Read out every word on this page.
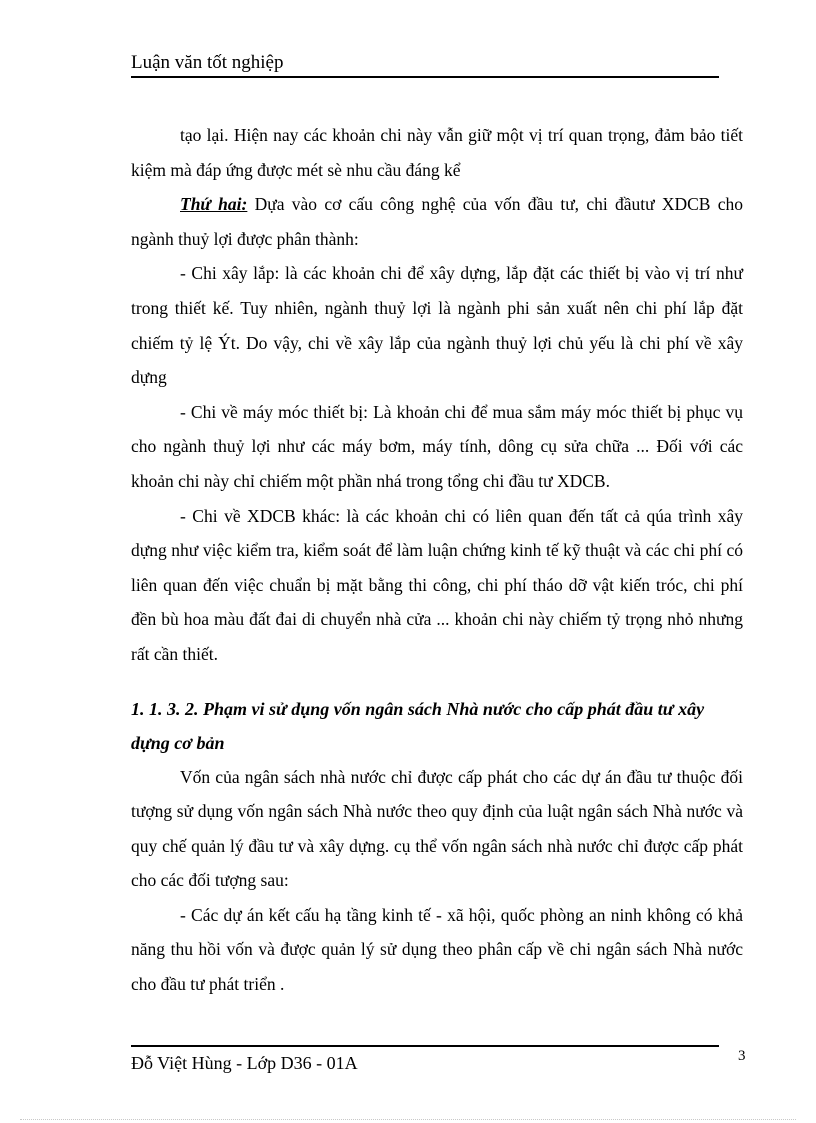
Luận văn tốt nghiệp

tạo lại. Hiện nay các khoản chi này vẫn giữ một vị trí quan trọng, đảm bảo tiết kiệm mà đáp ứng được mét sè nhu cầu đáng kể

Thứ hai: Dựa vào cơ cấu công nghệ của vốn đầu tư, chi đầutư XDCB cho ngành thuỷ lợi được phân thành:

- Chi xây lắp: là các khoản chi để xây dựng, lắp đặt các thiết bị vào vị trí như trong thiết kế. Tuy nhiên, ngành thuỷ lợi là ngành phi sản xuất nên chi phí lắp đặt chiếm tỷ lệ Ýt. Do vậy, chi về xây lắp của ngành thuỷ lợi chủ yếu là chi phí về xây dựng

- Chi về máy móc thiết bị: Là khoản chi để mua sắm máy móc thiết bị phục vụ cho ngành thuỷ lợi như các máy bơm, máy tính, dông cụ sửa chữa ... Đối với các khoản chi này chỉ chiếm một phần nhá trong tổng chi đầu tư XDCB.

- Chi về XDCB khác: là các khoản chi có liên quan đến tất cả qúa trình xây dựng như việc kiểm tra, kiểm soát để làm luận chứng kinh tế kỹ thuật và các chi phí có liên quan đến việc chuẩn bị mặt bằng thi công, chi phí tháo dỡ vật kiến tróc, chi phí đền bù hoa màu đất đai di chuyển nhà cửa ... khoản chi này chiếm tỷ trọng nhỏ nhưng rất cần thiết.

1. 1. 3. 2. Phạm vi sử dụng vốn ngân sách Nhà nước cho cấp phát đầu tư xây dựng cơ bản

Vốn của ngân sách nhà nước chỉ được cấp phát cho các dự án đầu tư thuộc đối tượng sử dụng vốn ngân sách Nhà nước theo quy định của luật ngân sách Nhà nước và quy chế quản lý đầu tư và xây dựng. cụ thể vốn ngân sách nhà nước chỉ được cấp phát cho các đối tượng sau:

- Các dự án kết cấu hạ tầng kinh tế - xã hội, quốc phòng an ninh không có khả năng thu hồi vốn và được quản lý sử dụng theo phân cấp về chi ngân sách Nhà nước cho đầu tư phát triển .

Đỗ Việt Hùng - Lớp D36 - 01A	3
